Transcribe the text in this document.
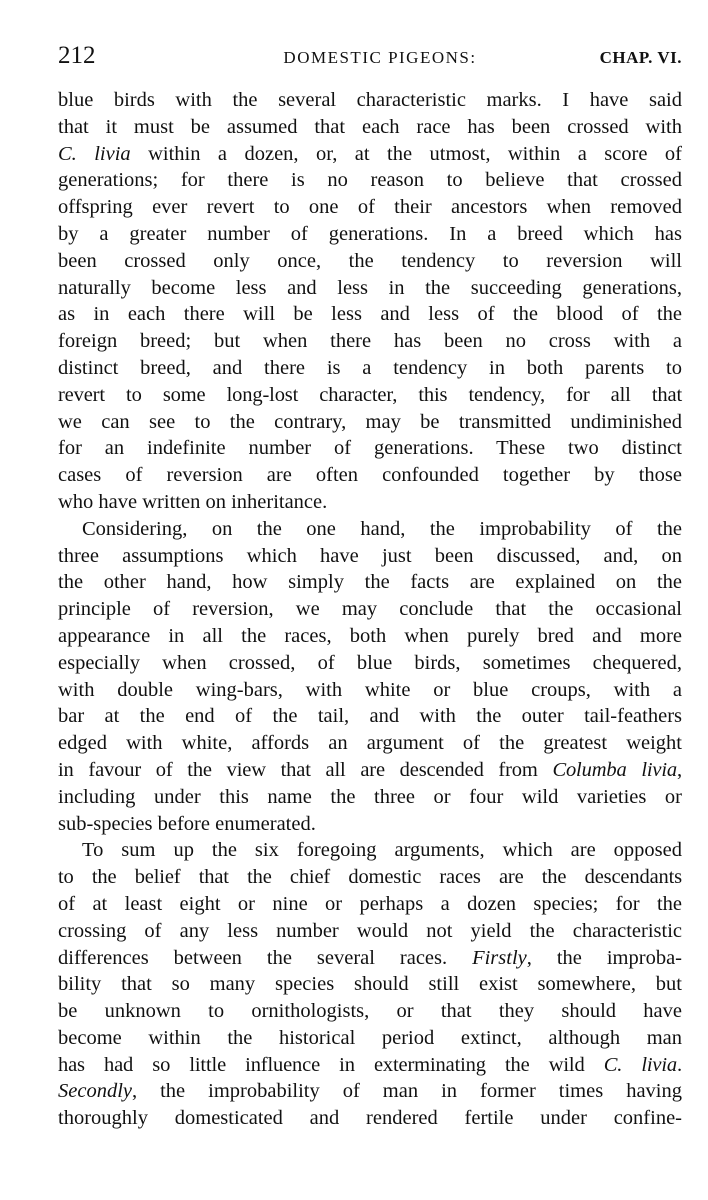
212	DOMESTIC PIGEONS:	CHAP. VI.
blue birds with the several characteristic marks. I have said
that it must be assumed that each race has been crossed with
C. livia within a dozen, or, at the utmost, within a score of
generations; for there is no reason to believe that crossed
offspring ever revert to one of their ancestors when removed
by a greater number of generations. In a breed which has
been crossed only once, the tendency to reversion will
naturally become less and less in the succeeding generations,
as in each there will be less and less of the blood of the
foreign breed; but when there has been no cross with a
distinct breed, and there is a tendency in both parents to
revert to some long-lost character, this tendency, for all that
we can see to the contrary, may be transmitted undiminished
for an indefinite number of generations. These two distinct
cases of reversion are often confounded together by those
who have written on inheritance.
Considering, on the one hand, the improbability of the
three assumptions which have just been discussed, and, on
the other hand, how simply the facts are explained on the
principle of reversion, we may conclude that the occasional
appearance in all the races, both when purely bred and more
especially when crossed, of blue birds, sometimes chequered,
with double wing-bars, with white or blue croups, with a
bar at the end of the tail, and with the outer tail-feathers
edged with white, affords an argument of the greatest weight
in favour of the view that all are descended from Columba livia,
including under this name the three or four wild varieties or
sub-species before enumerated.
To sum up the six foregoing arguments, which are opposed
to the belief that the chief domestic races are the descendants
of at least eight or nine or perhaps a dozen species; for the
crossing of any less number would not yield the characteristic
differences between the several races. Firstly, the improba-
bility that so many species should still exist somewhere, but
be unknown to ornithologists, or that they should have
become within the historical period extinct, although man
has had so little influence in exterminating the wild C. livia.
Secondly, the improbability of man in former times having
thoroughly domesticated and rendered fertile under confine-
